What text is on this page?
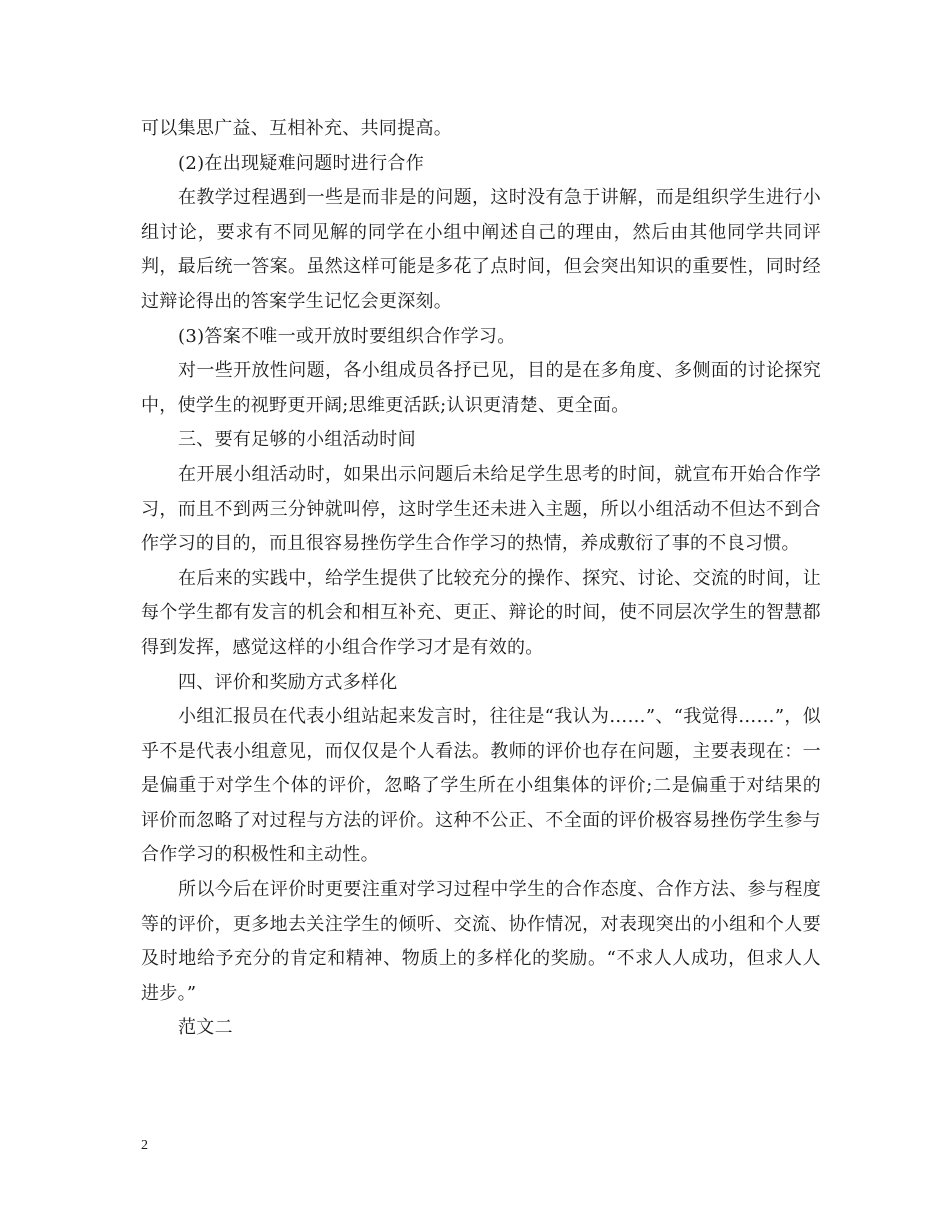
可以集思广益、互相补充、共同提高。

(2)在出现疑难问题时进行合作

在教学过程遇到一些是而非是的问题，这时没有急于讲解，而是组织学生进行小组讨论，要求有不同见解的同学在小组中阐述自己的理由，然后由其他同学共同评判，最后统一答案。虽然这样可能是多花了点时间，但会突出知识的重要性，同时经过辩论得出的答案学生记忆会更深刻。

(3)答案不唯一或开放时要组织合作学习。

对一些开放性问题，各小组成员各抒已见，目的是在多角度、多侧面的讨论探究中，使学生的视野更开阔;思维更活跃;认识更清楚、更全面。

三、要有足够的小组活动时间

在开展小组活动时，如果出示问题后未给足学生思考的时间，就宣布开始合作学习，而且不到两三分钟就叫停，这时学生还未进入主题，所以小组活动不但达不到合作学习的目的，而且很容易挫伤学生合作学习的热情，养成敷衍了事的不良习惯。

在后来的实践中，给学生提供了比较充分的操作、探究、讨论、交流的时间，让每个学生都有发言的机会和相互补充、更正、辩论的时间，使不同层次学生的智慧都得到发挥，感觉这样的小组合作学习才是有效的。

四、评价和奖励方式多样化

小组汇报员在代表小组站起来发言时，往往是“我认为……”、“我觉得……”，似乎不是代表小组意见，而仅仅是个人看法。教师的评价也存在问题，主要表现在：一是偏重于对学生个体的评价，忽略了学生所在小组集体的评价;二是偏重于对结果的评价而忽略了对过程与方法的评价。这种不公正、不全面的评价极容易挫伤学生参与合作学习的积极性和主动性。

所以今后在评价时更要注重对学习过程中学生的合作态度、合作方法、参与程度等的评价，更多地去关注学生的倾听、交流、协作情况，对表现突出的小组和个人要及时地给予充分的肯定和精神、物质上的多样化的奖励。“不求人人成功，但求人人进步。”

范文二

2
